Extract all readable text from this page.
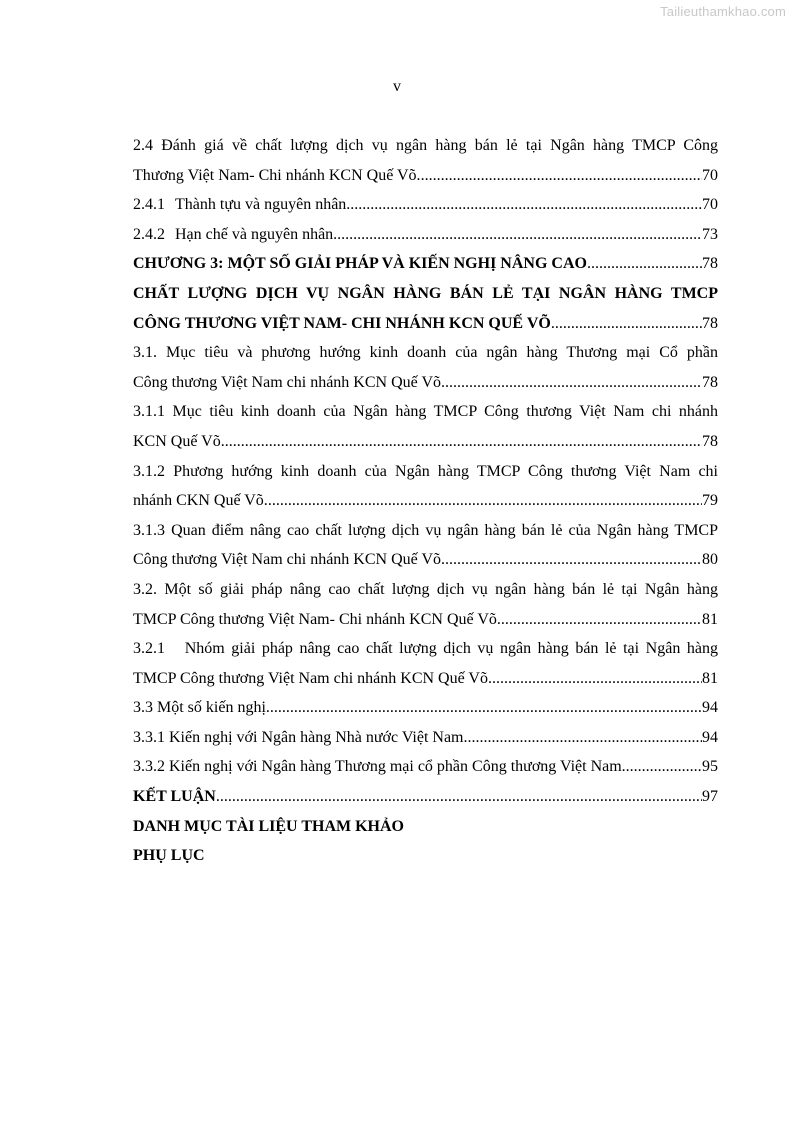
Tailieuthamkhao.com
v
2.4 Đánh giá về chất lượng dịch vụ ngân hàng bán lẻ tại Ngân hàng TMCP Công
Thương Việt Nam- Chi nhánh KCN Quế Võ. .....	70
2.4.1 Thành tựu và nguyên nhân .....	70
2.4.2 Hạn chế và nguyên nhân .....	73
CHƯƠNG 3: MỘT SỐ GIẢI PHÁP VÀ KIẾN NGHỊ NÂNG CAO .....	78
CHẤT LƯỢNG DỊCH VỤ NGÂN HÀNG BÁN LẺ TẠI NGÂN HÀNG TMCP
CÔNG THƯƠNG VIỆT NAM- CHI NHÁNH KCN QUẾ VÕ .....	78
3.1. Mục tiêu và phương hướng kinh doanh của ngân hàng Thương mại Cổ phần
Công thương Việt Nam chi nhánh KCN Quế Võ. .....	78
3.1.1 Mục tiêu kinh doanh của Ngân hàng TMCP Công thương Việt Nam chi nhánh
KCN Quế Võ .....	78
3.1.2 Phương hướng kinh doanh của Ngân hàng TMCP Công thương Việt Nam chi
nhánh CKN Quế Võ. .....	79
3.1.3 Quan điểm nâng cao chất lượng dịch vụ ngân hàng bán lẻ của Ngân hàng TMCP
Công thương Việt Nam chi nhánh KCN Quế Võ. .....	80
3.2. Một số giải pháp nâng cao chất lượng dịch vụ ngân hàng bán lẻ tại Ngân hàng
TMCP Công thương Việt Nam- Chi nhánh KCN Quế Võ .....	81
3.2.1   Nhóm giải pháp nâng cao chất lượng dịch vụ ngân hàng bán lẻ tại Ngân hàng
TMCP Công thương Việt Nam chi nhánh KCN Quế Võ .....	81
3.3 Một số kiến nghị .....	94
3.3.1 Kiến nghị với Ngân hàng Nhà nước Việt Nam .....	94
3.3.2 Kiến nghị với Ngân hàng Thương mại cổ phần Công thương Việt Nam .....	95
KẾT LUẬN .....	97
DANH MỤC TÀI LIỆU THAM KHẢO
PHỤ LỤC
